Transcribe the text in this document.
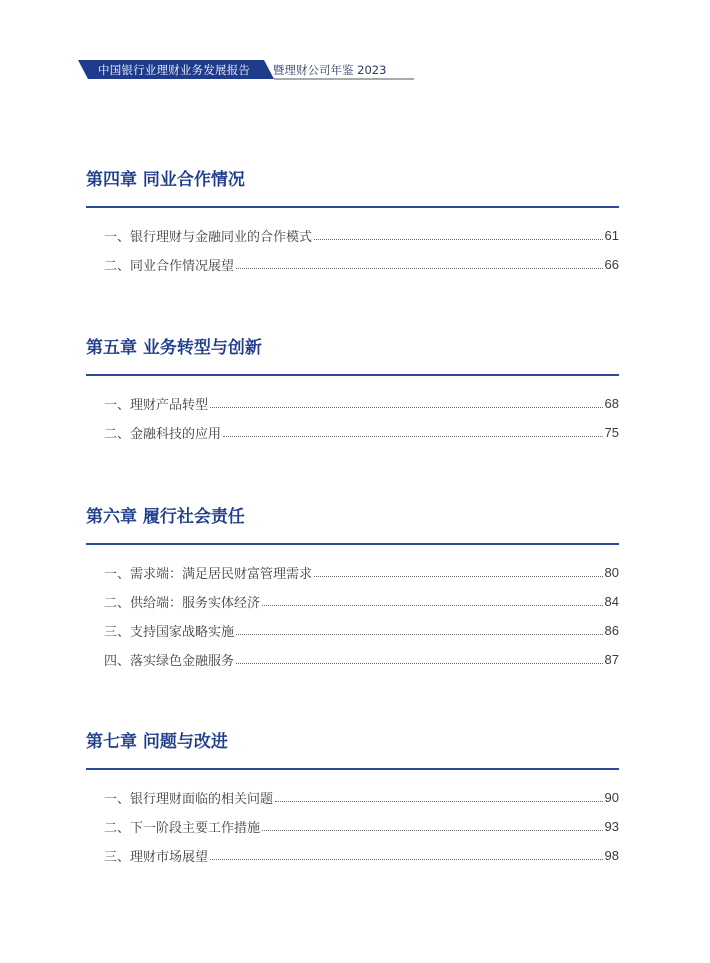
中国银行业理财业务发展报告 暨理财公司年鉴 2023
第四章 同业合作情况
一、银行理财与金融同业的合作模式	61
二、同业合作情况展望	66
第五章 业务转型与创新
一、理财产品转型	68
二、金融科技的应用	75
第六章 履行社会责任
一、需求端：满足居民财富管理需求	80
二、供给端：服务实体经济	84
三、支持国家战略实施	86
四、落实绿色金融服务	87
第七章 问题与改进
一、银行理财面临的相关问题	90
二、下一阶段主要工作措施	93
三、理财市场展望	98
